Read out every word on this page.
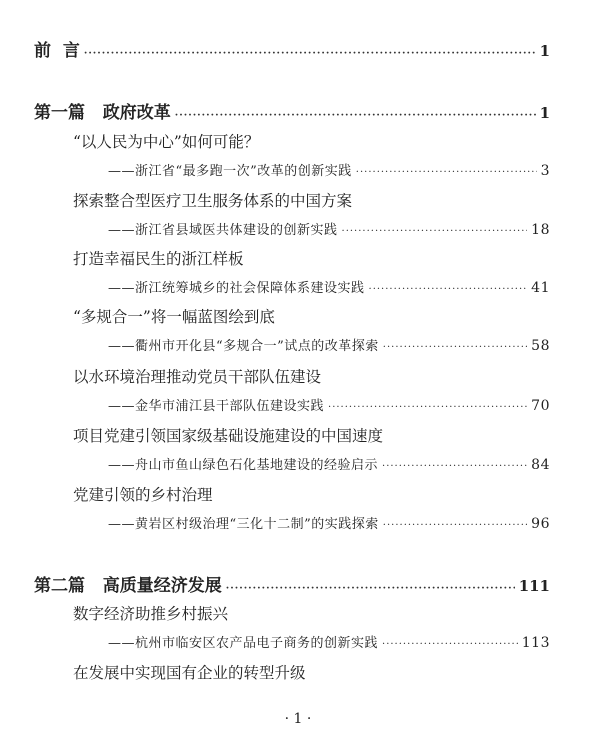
前  言 ·····	1
第一篇   政府改革 ·····	1
“以人民为中心”如何可能？
——浙江省“最多跑一次”改革的创新实践 ·····	3
探索整合型医疗卫生服务体系的中国方案
——浙江省县域医共体建设的创新实践 ·····	18
打造幸福民生的浙江样板
——浙江统筹城乡的社会保障体系建设实践 ·····	41
“多规合一”将一幅蓝图绘到底
——衢州市开化县“多规合一”试点的改革探索 ·····	58
以水环境治理推动党员干部队伍建设
——金华市浦江县干部队伍建设实践 ·····	70
项目党建引领国家级基础设施建设的中国速度
——舟山市鱼山绿色石化基地建设的经验启示 ·····	84
党建引领的乡村治理
——黄岩区村级治理“三化十二制”的实践探索 ·····	96
第二篇   高质量经济发展 ·····	111
数字经济助推乡村振兴
——杭州市临安区农产品电子商务的创新实践 ·····	113
在发展中实现国有企业的转型升级
· 1 ·
